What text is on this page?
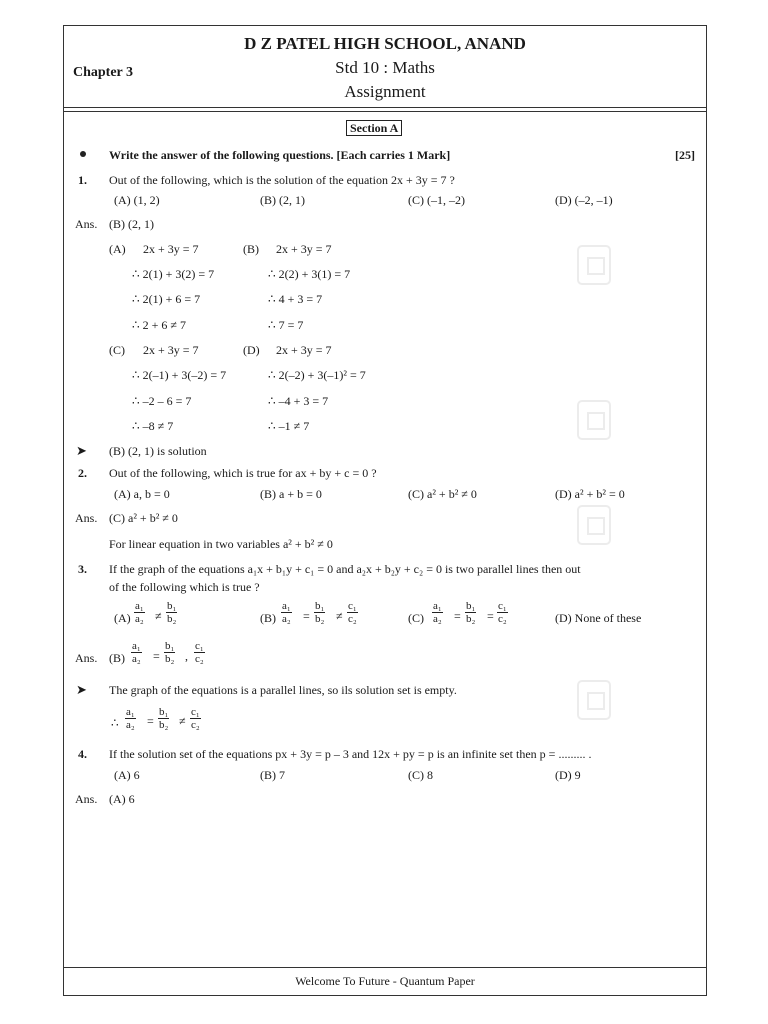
D Z PATEL HIGH SCHOOL, ANAND
Std 10 : Maths
Assignment
Chapter 3
Welcome To Future - Quantum Paper
Section A
Write the answer of the following questions. [Each carries 1 Mark]	[25]
1. Out of the following, which is the solution of the equation 2x + 3y = 7 ?
(A) (1, 2)	(B) (2, 1)	(C) (–1, –2)	(D) (–2, –1)
Ans. (B) (2, 1)
(A) 2x + 3y = 7	(B) 2x + 3y = 7
∴ 2(1) + 3(2) = 7	∴ 2(2) + 3(1) = 7
∴ 2(1) + 6 = 7	∴ 4 + 3 = 7
∴ 2 + 6 ≠ 7	∴ 7 = 7
(C) 2x + 3y = 7	(D) 2x + 3y = 7
∴ 2(–1) + 3(–2) = 7	∴ 2(–2) + 3(–1)² = 7
∴ –2 – 6 = 7	∴ –4 + 3 = 7
∴ –8 ≠ 7	∴ –1 ≠ 7
➤ (B) (2, 1) is solution
2. Out of the following, which is true for ax + by + c = 0 ?
(A) a, b = 0	(B) a + b = 0	(C) a² + b² ≠ 0	(D) a² + b² = 0
Ans. (C) a² + b² ≠ 0
For linear equation in two variables a² + b² ≠ 0
3. If the graph of the equations a₁x + b₁y + c₁ = 0 and a₂x + b₂y + c₂ = 0 is two parallel lines then out
of the following which is true ?
$(A) \frac{\text{a₁}}{\text{a₂}} \ne \frac{\text{b₁}}{\text{b₂}}$	$(B) \frac{\text{a₁}}{\text{a₂}} = \frac{\text{b₁}}{\text{b₂}} \ne \frac{\text{c₁}}{\text{c₂}}$	$(C) \frac{\text{a₁}}{\text{a₂}} = \frac{\text{b₁}}{\text{b₂}} = \frac{\text{c₁}}{\text{c₂}}$	(D) None of these
Ans. $(B) \frac{\text{a₁}}{\text{a₂}} = \frac{\text{b₁}}{\text{b₂}}$ , $\frac{\text{c₁}}{\text{c₂}}$
➤ The graph of the equations is a parallel lines, so ils solution set is empty.
∴ $\frac{\text{a₁}}{\text{a₂}} = \frac{\text{b₁}}{\text{b₂}} \ne \frac{\text{c₁}}{\text{c₂}}$
4. If the solution set of the equations px + 3y = p – 3 and 12x + py = p is an infinite set then p = ......... .
(A) 6	(B) 7	(C) 8	(D) 9
Ans. (A) 6
